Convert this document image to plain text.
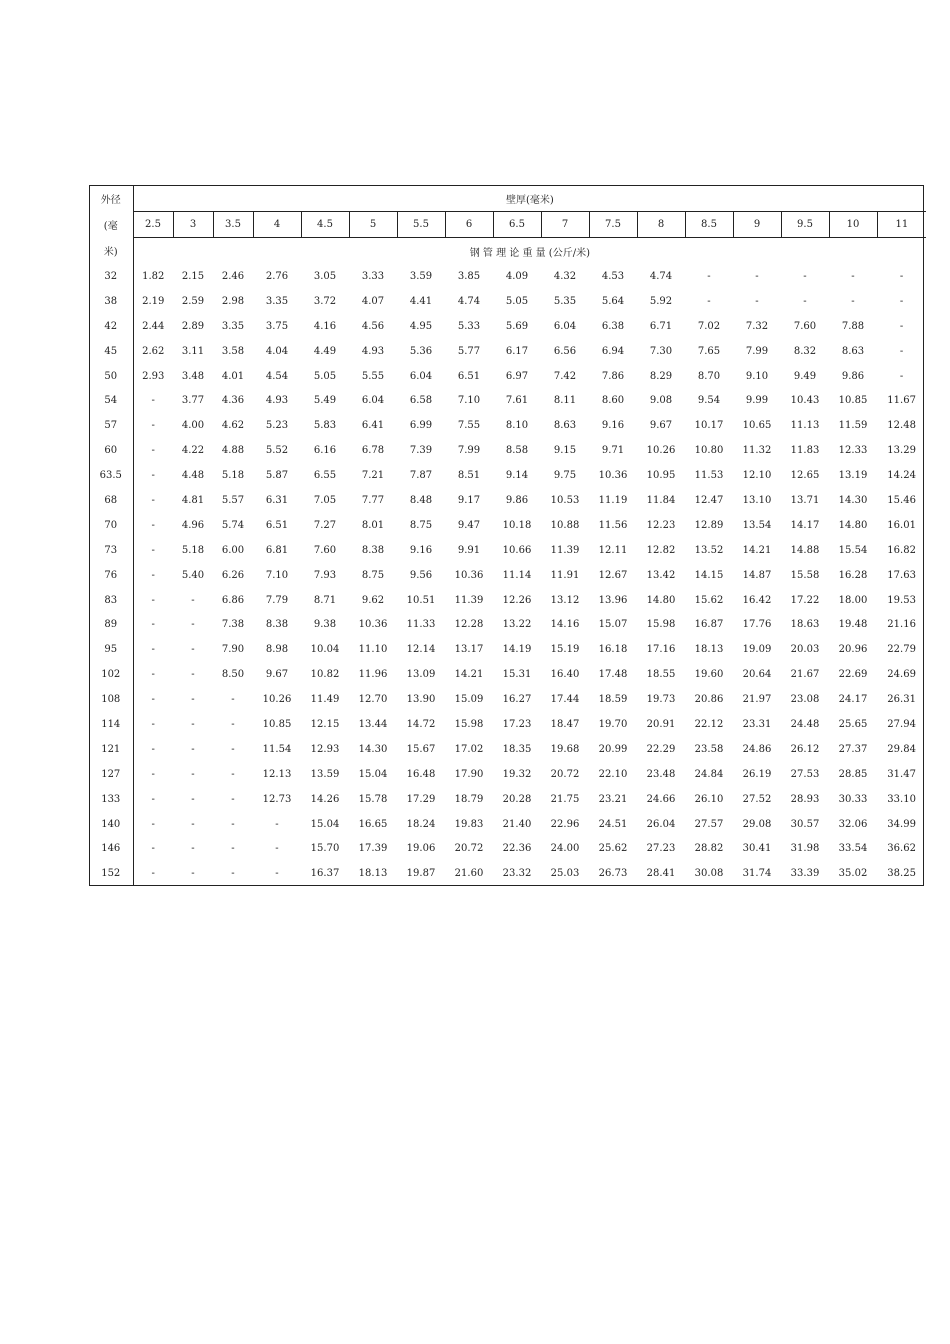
外径	壁厚(毫米)																
(毫	2.5	3	3.5	4	4.5	5	5.5	6	6.5	7	7.5	8	8.5	9	9.5	10	11
米)	钢 管 理 论 重 量 (公斤/米)																
32	1.82	2.15	2.46	2.76	3.05	3.33	3.59	3.85	4.09	4.32	4.53	4.74	-	-	-	-	-
38	2.19	2.59	2.98	3.35	3.72	4.07	4.41	4.74	5.05	5.35	5.64	5.92	-	-	-	-	-
42	2.44	2.89	3.35	3.75	4.16	4.56	4.95	5.33	5.69	6.04	6.38	6.71	7.02	7.32	7.60	7.88	-
45	2.62	3.11	3.58	4.04	4.49	4.93	5.36	5.77	6.17	6.56	6.94	7.30	7.65	7.99	8.32	8.63	-
50	2.93	3.48	4.01	4.54	5.05	5.55	6.04	6.51	6.97	7.42	7.86	8.29	8.70	9.10	9.49	9.86	-
54	-	3.77	4.36	4.93	5.49	6.04	6.58	7.10	7.61	8.11	8.60	9.08	9.54	9.99	10.43	10.85	11.67
57	-	4.00	4.62	5.23	5.83	6.41	6.99	7.55	8.10	8.63	9.16	9.67	10.17	10.65	11.13	11.59	12.48
60	-	4.22	4.88	5.52	6.16	6.78	7.39	7.99	8.58	9.15	9.71	10.26	10.80	11.32	11.83	12.33	13.29
63.5	-	4.48	5.18	5.87	6.55	7.21	7.87	8.51	9.14	9.75	10.36	10.95	11.53	12.10	12.65	13.19	14.24
68	-	4.81	5.57	6.31	7.05	7.77	8.48	9.17	9.86	10.53	11.19	11.84	12.47	13.10	13.71	14.30	15.46
70	-	4.96	5.74	6.51	7.27	8.01	8.75	9.47	10.18	10.88	11.56	12.23	12.89	13.54	14.17	14.80	16.01
73	-	5.18	6.00	6.81	7.60	8.38	9.16	9.91	10.66	11.39	12.11	12.82	13.52	14.21	14.88	15.54	16.82
76	-	5.40	6.26	7.10	7.93	8.75	9.56	10.36	11.14	11.91	12.67	13.42	14.15	14.87	15.58	16.28	17.63
83	-	-	6.86	7.79	8.71	9.62	10.51	11.39	12.26	13.12	13.96	14.80	15.62	16.42	17.22	18.00	19.53
89	-	-	7.38	8.38	9.38	10.36	11.33	12.28	13.22	14.16	15.07	15.98	16.87	17.76	18.63	19.48	21.16
95	-	-	7.90	8.98	10.04	11.10	12.14	13.17	14.19	15.19	16.18	17.16	18.13	19.09	20.03	20.96	22.79
102	-	-	8.50	9.67	10.82	11.96	13.09	14.21	15.31	16.40	17.48	18.55	19.60	20.64	21.67	22.69	24.69
108	-	-	-	10.26	11.49	12.70	13.90	15.09	16.27	17.44	18.59	19.73	20.86	21.97	23.08	24.17	26.31
114	-	-	-	10.85	12.15	13.44	14.72	15.98	17.23	18.47	19.70	20.91	22.12	23.31	24.48	25.65	27.94
121	-	-	-	11.54	12.93	14.30	15.67	17.02	18.35	19.68	20.99	22.29	23.58	24.86	26.12	27.37	29.84
127	-	-	-	12.13	13.59	15.04	16.48	17.90	19.32	20.72	22.10	23.48	24.84	26.19	27.53	28.85	31.47
133	-	-	-	12.73	14.26	15.78	17.29	18.79	20.28	21.75	23.21	24.66	26.10	27.52	28.93	30.33	33.10
140	-	-	-	-	15.04	16.65	18.24	19.83	21.40	22.96	24.51	26.04	27.57	29.08	30.57	32.06	34.99
146	-	-	-	-	15.70	17.39	19.06	20.72	22.36	24.00	25.62	27.23	28.82	30.41	31.98	33.54	36.62
152	-	-	-	-	16.37	18.13	19.87	21.60	23.32	25.03	26.73	28.41	30.08	31.74	33.39	35.02	38.25
